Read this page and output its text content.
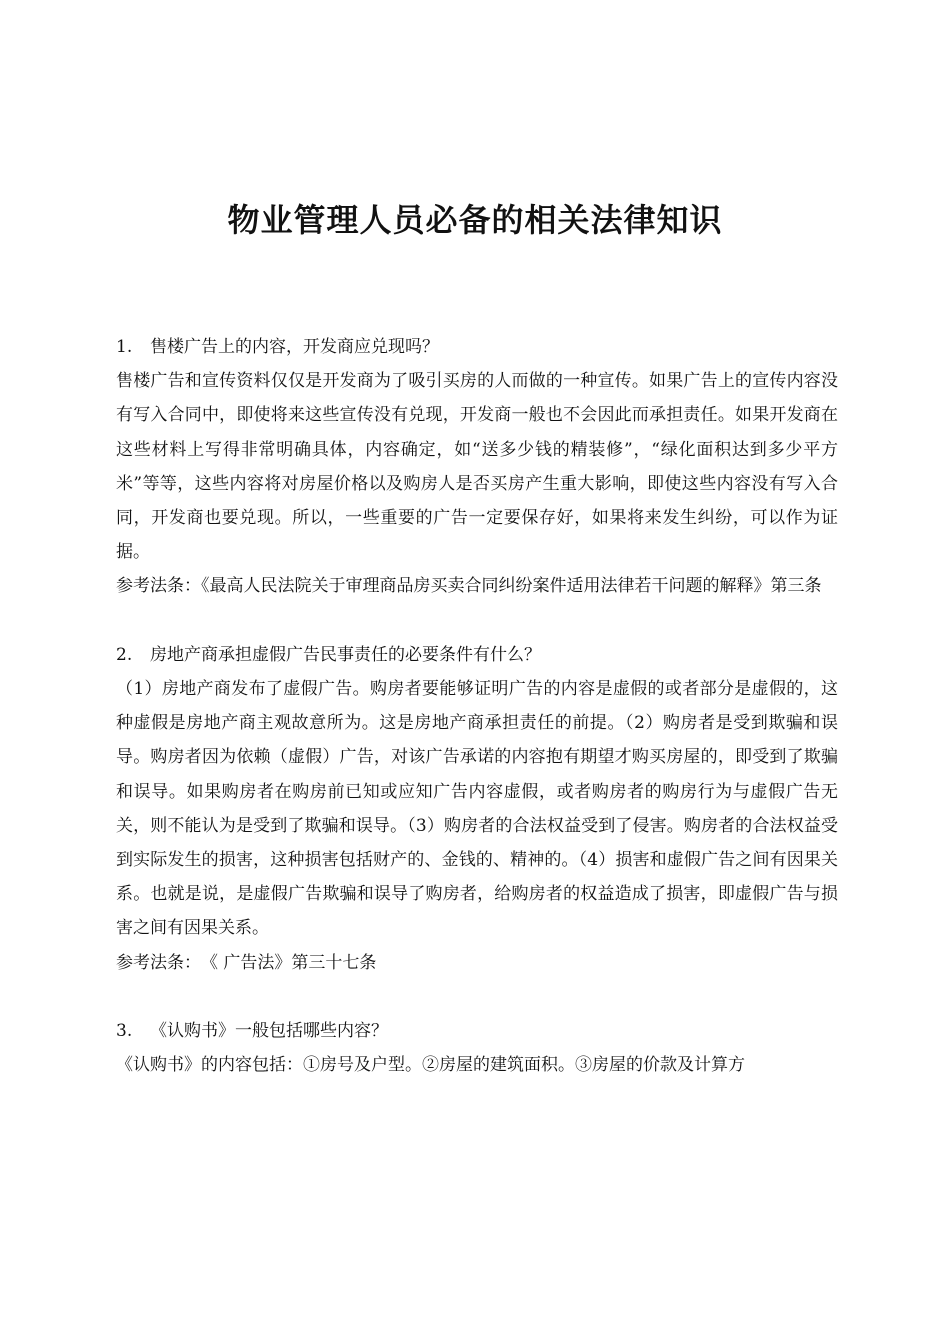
物业管理人员必备的相关法律知识

1. 售楼广告上的内容，开发商应兑现吗？

售楼广告和宣传资料仅仅是开发商为了吸引买房的人而做的一种宣传。如果广告上的宣传内容没有写入合同中，即使将来这些宣传没有兑现，开发商一般也不会因此而承担责任。如果开发商在这些材料上写得非常明确具体，内容确定，如“送多少钱的精装修”，“绿化面积达到多少平方米”等等，这些内容将对房屋价格以及购房人是否买房产生重大影响，即使这些内容没有写入合同，开发商也要兑现。所以，一些重要的广告一定要保存好，如果将来发生纠纷，可以作为证据。

参考法条：《最高人民法院关于审理商品房买卖合同纠纷案件适用法律若干问题的解释》第三条

2. 房地产商承担虚假广告民事责任的必要条件有什么？

（1）房地产商发布了虚假广告。购房者要能够证明广告的内容是虚假的或者部分是虚假的，这种虚假是房地产商主观故意所为。这是房地产商承担责任的前提。（2）购房者是受到欺骗和误导。购房者因为依赖（虚假）广告，对该广告承诺的内容抱有期望才购买房屋的，即受到了欺骗和误导。如果购房者在购房前已知或应知广告内容虚假，或者购房者的购房行为与虚假广告无关，则不能认为是受到了欺骗和误导。（3）购房者的合法权益受到了侵害。购房者的合法权益受到实际发生的损害，这种损害包括财产的、金钱的、精神的。（4）损害和虚假广告之间有因果关系。也就是说，是虚假广告欺骗和误导了购房者，给购房者的权益造成了损害，即虚假广告与损害之间有因果关系。

参考法条：　《 广告法》第三十七条

3. 《认购书》一般包括哪些内容？

《认购书》的内容包括：①房号及户型。②房屋的建筑面积。③房屋的价款及计算方
